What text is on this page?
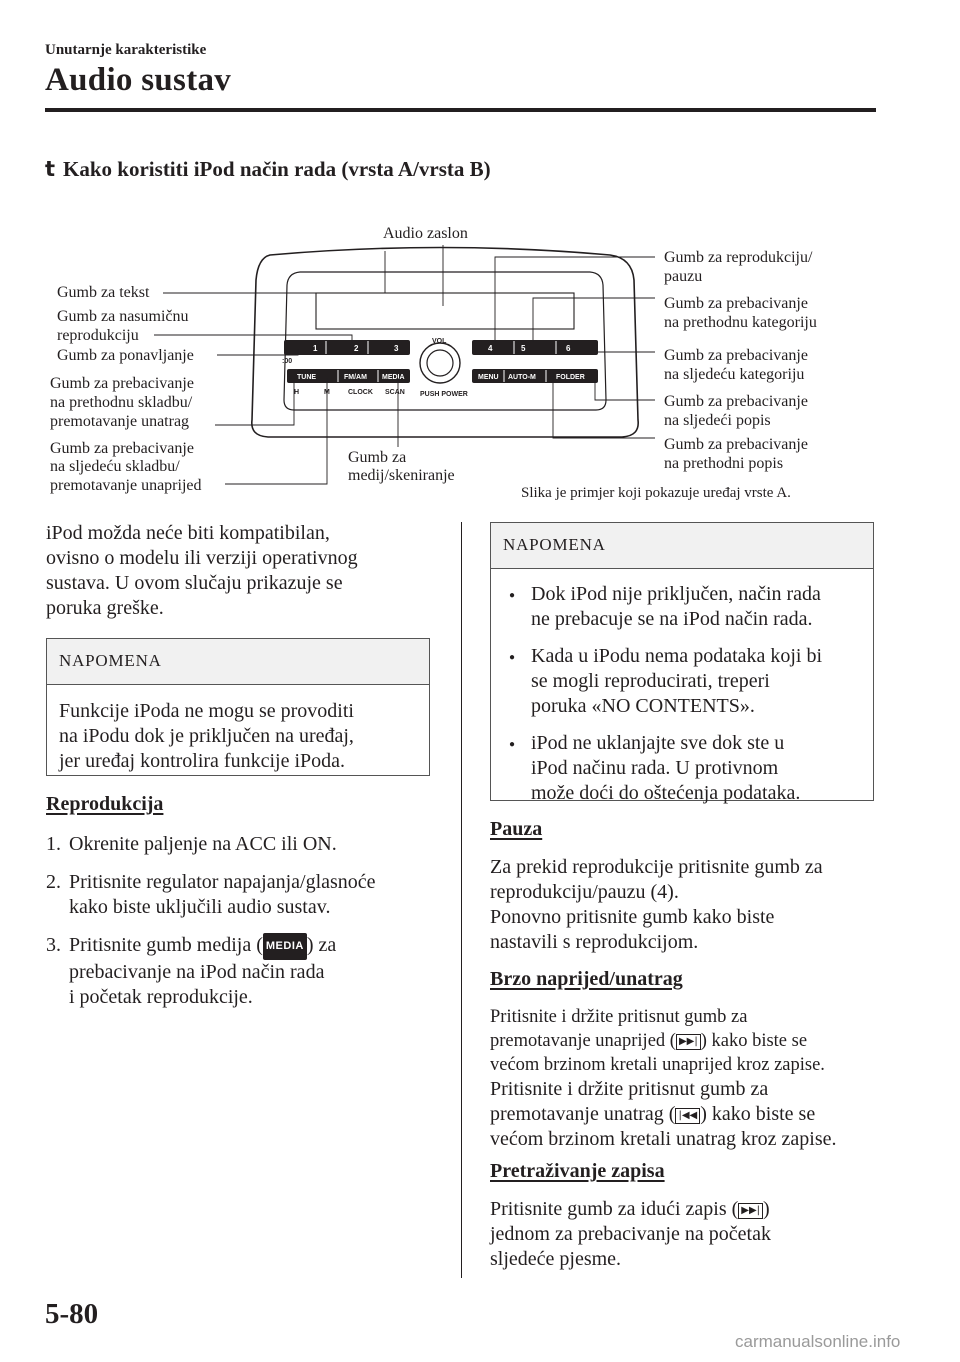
Unutarnje karakteristike
Audio sustav
t Kako koristiti iPod način rada (vrsta A/vrsta B)
1	2	3	4	5	6
TUNE	FM/AM MEDIA	MENU AUTO-M	FOLDER
:00
H	M	CLOCK SCAN
VOL
PUSH POWER
Audio zaslon
Gumb za tekst
Gumb za nasumičnu
reprodukciju
Gumb za ponavljanje
Gumb za prebacivanje
na prethodnu skladbu/
premotavanje unatrag
Gumb za prebacivanje
na sljedeću skladbu/
premotavanje unaprijed
Gumb za
medij/skeniranje
Gumb za reprodukciju/
pauzu
Gumb za prebacivanje
na prethodnu kategoriju
Gumb za prebacivanje
na sljedeću kategoriju
Gumb za prebacivanje
na sljedeći popis
Gumb za prebacivanje
na prethodni popis
Slika je primjer koji pokazuje uređaj vrste A.
iPod možda neće biti kompatibilan,
ovisno o modelu ili verziji operativnog
sustava. U ovom slučaju prikazuje se
poruka greške.
NAPOMENA
Funkcije iPoda ne mogu se provoditi
na iPodu dok je priključen na uređaj,
jer uređaj kontrolira funkcije iPoda.
Reprodukcija
1. Okrenite paljenje na ACC ili ON.
2. Pritisnite regulator napajanja/glasnoće
kako biste uključili audio sustav.
3. Pritisnite gumb medija ( MEDIA ) za
prebacivanje na iPod način rada
i početak reprodukcije.
NAPOMENA
● Dok iPod nije priključen, način rada
ne prebacuje se na iPod način rada.
● Kada u iPodu nema podataka koji bi
se mogli reproducirati, treperi
poruka «NO CONTENTS».
● iPod ne uklanjajte sve dok ste u
iPod načinu rada. U protivnom
može doći do oštećenja podataka.
Pauza
Za prekid reprodukcije pritisnite gumb za
reprodukciju/pauzu (4).
Ponovno pritisnite gumb kako biste
nastavili s reprodukcijom.
Brzo naprijed/unatrag
Pritisnite i držite pritisnut gumb za
premotavanje unaprijed ( ▶▶| ) kako biste se
većom brzinom kretali unaprijed kroz zapise.
Pritisnite i držite pritisnut gumb za
premotavanje unatrag ( |◀◀ ) kako biste se
većom brzinom kretali unatrag kroz zapise.
Pretraživanje zapisa
Pritisnite gumb za idući zapis ( ▶▶| )
jednom za prebacivanje na početak
sljedeće pjesme.
5-80
carmanualsonline.info
